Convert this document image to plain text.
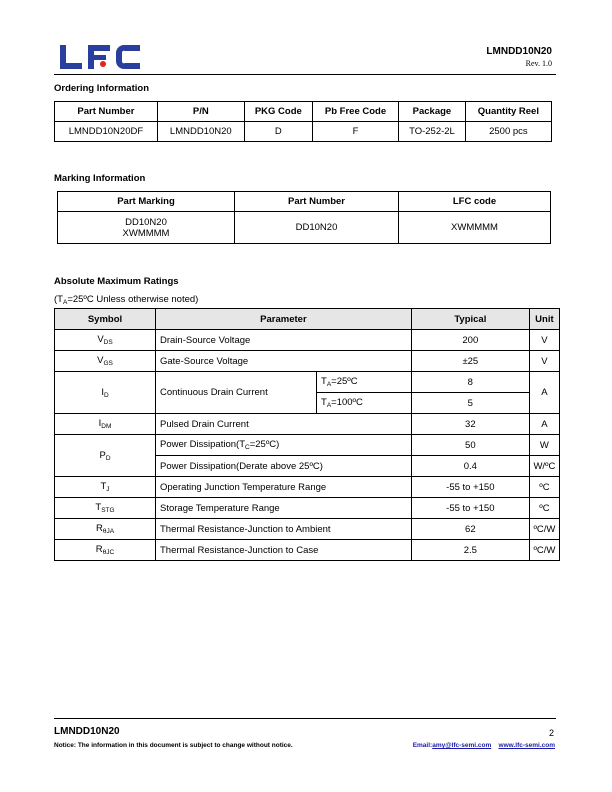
LMNDD10N20
Rev. 1.0
Ordering Information
Part Number	P/N	PKG Code	Pb Free Code	Package	Quantity Reel
LMNDD10N20DF	LMNDD10N20	D	F	TO-252-2L	2500 pcs
Marking Information
Part Marking	Part Number	LFC code

DD10N20
XWMMMM	DD10N20	XWMMMM
Absolute Maximum Ratings
($T_A=25ºC$ Unless otherwise noted)
Symbol	Parameter		Typical	Unit
$V_{DS}$	Drain-Source Voltage		200	V
$V_{GS}$	Gate-Source Voltage		±25	V
$I_D$	Continuous Drain Current	$T_A=25ºC$	8	A
		$T_A=100ºC$	5	
$I_{DM}$	Pulsed Drain Current		32	A
$P_D$	Power $Dissipation(T_C=25ºC)$		50	W
	Power Dissipation(Derate above 25ºC)		0.4	W/ºC
$T_J$	Operating Junction Temperature Range		-55 to +150	ºC
$T_{STG}$	Storage Temperature Range		-55 to +150	ºC
$R_{\theta JA}$	Thermal Resistance-Junction to Ambient		62	ºC/W
$R_{\theta JC}$	Thermal Resistance-Junction to Case		2.5	ºC/W
LMNDD10N20	2
Notice: The information in this document is subject to change without notice.	Email:amy@lfc-semi.com www.lfc-semi.com
